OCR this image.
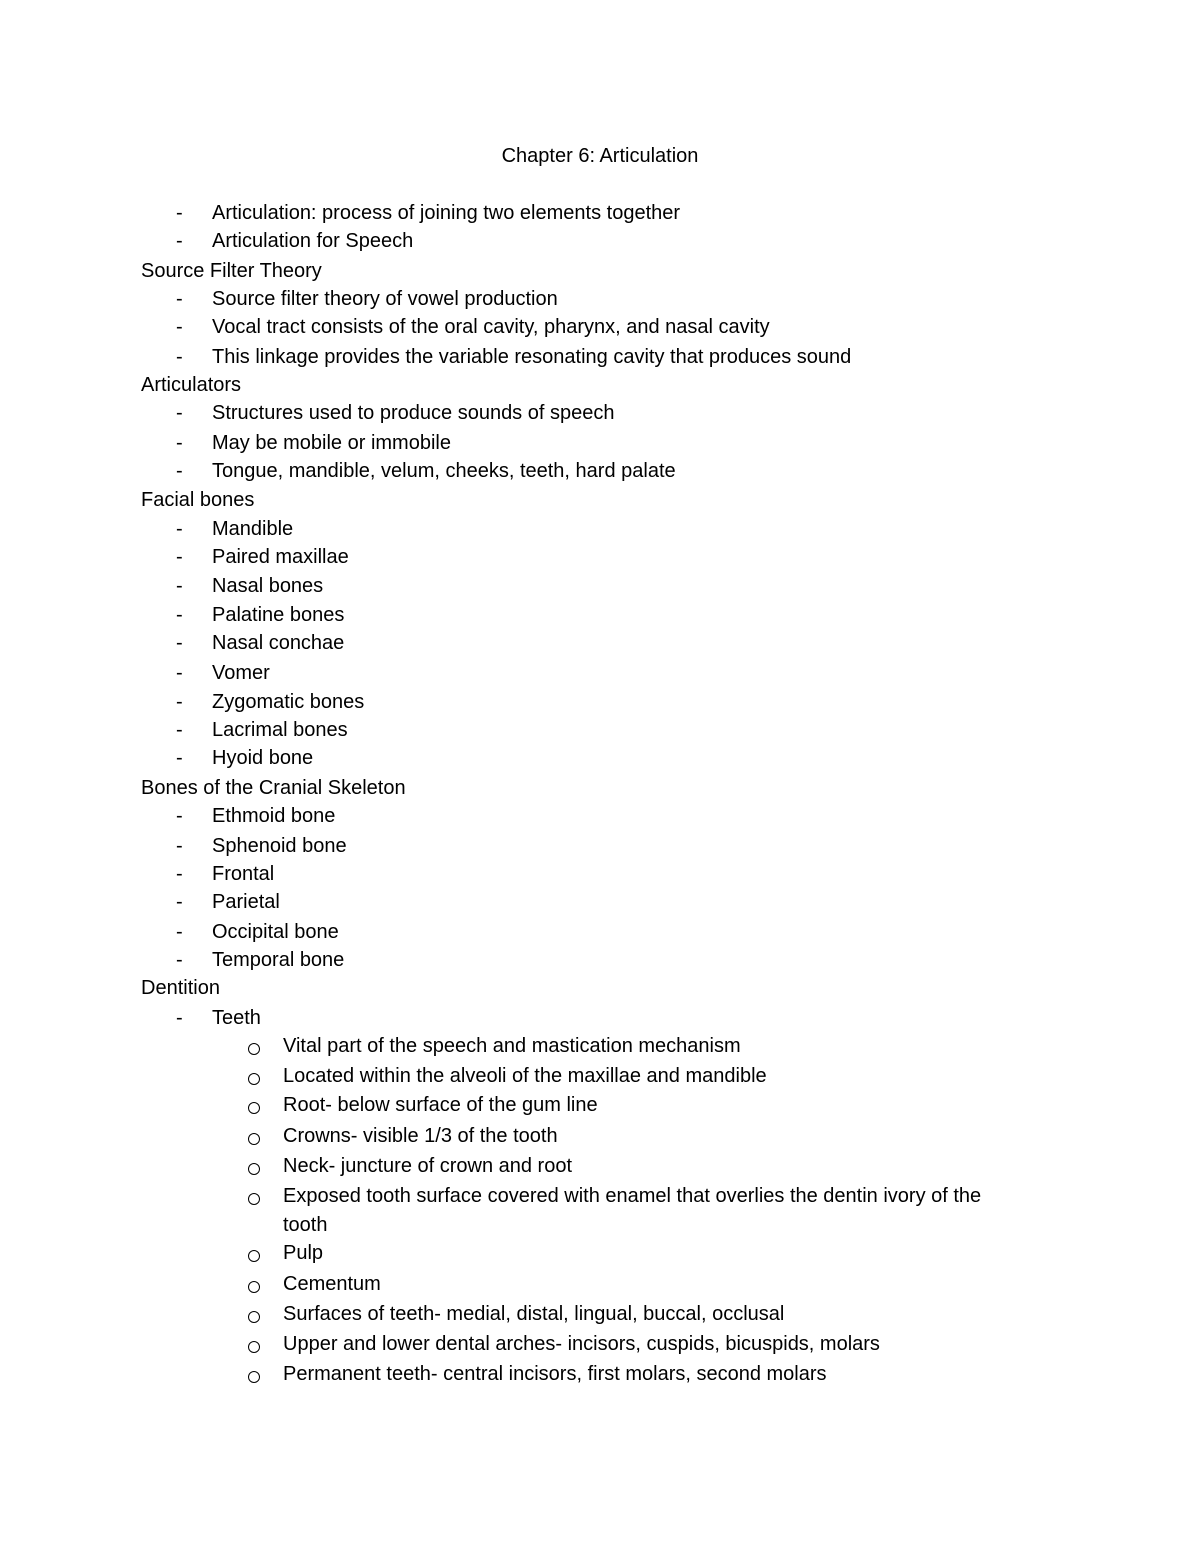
Chapter 6: Articulation
- Articulation: process of joining two elements together
- Articulation for Speech
Source Filter Theory
- Source filter theory of vowel production
- Vocal tract consists of the oral cavity, pharynx, and nasal cavity
- This linkage provides the variable resonating cavity that produces sound
Articulators
- Structures used to produce sounds of speech
- May be mobile or immobile
- Tongue, mandible, velum, cheeks, teeth, hard palate
Facial bones
- Mandible
- Paired maxillae
- Nasal bones
- Palatine bones
- Nasal conchae
- Vomer
- Zygomatic bones
- Lacrimal bones
- Hyoid bone
Bones of the Cranial Skeleton
- Ethmoid bone
- Sphenoid bone
- Frontal
- Parietal
- Occipital bone
- Temporal bone
Dentition
- Teeth
Vital part of the speech and mastication mechanism
Located within the alveoli of the maxillae and mandible
Root- below surface of the gum line
Crowns- visible 1/3 of the tooth
Neck- juncture of crown and root
Exposed tooth surface covered with enamel that overlies the dentin ivory of the
tooth
Pulp
Cementum
Surfaces of teeth- medial, distal, lingual, buccal, occlusal
Upper and lower dental arches- incisors, cuspids, bicuspids, molars
Permanent teeth- central incisors, first molars, second molars
